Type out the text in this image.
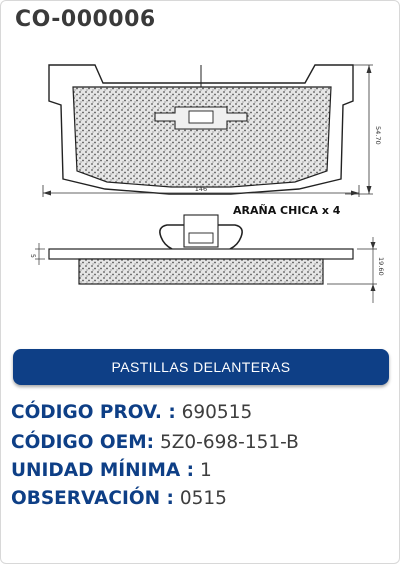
CO-000006
146
54.70
ARAÑA CHICA x 4
5
19.60
PASTILLAS DELANTERAS
CÓDIGO PROV. : 690515
CÓDIGO OEM: 5Z0-698-151-B
UNIDAD MÍNIMA : 1
OBSERVACIÓN : 0515
